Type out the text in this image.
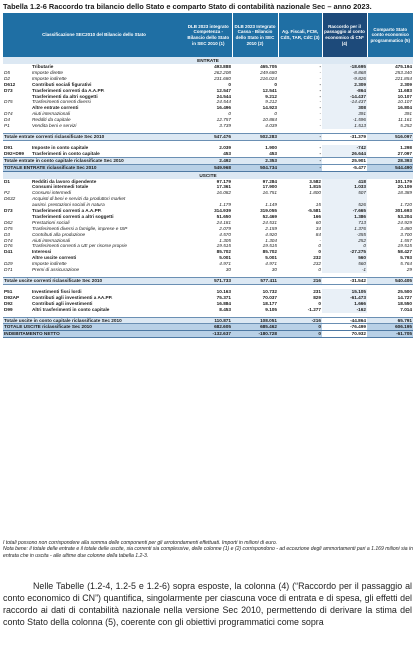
Tabella 1.2-6 Raccordo tra bilancio dello Stato e comparto Stato di contabilità nazionale Sec – anno 2023.
Classificazione SEC2010 del Bilancio dello Stato		DLB 2023 integrato Competenza - Bilancio dello Stato in SEC 2010 (1)	DLB 2023 Integrato Cassa - Bilancio dello Stato in SEC 2010 (2)	Ag. Fiscali, FCM, CdS, TAR, CdC (3)	Raccordo per il passaggio al conto economico di CN* (4)	Comparto Stato conto economico programmatico (5)
ENTRATE						
	Tributarie	493.888	465.705	-	-18.695	475.194
D5	Imposte dirette	262.208	249.680	-	-8.868	253.340
D2	Imposte indirette	231.680	216.024	-	-9.826	221.854
D612	Contributi sociali figurativi	0	0	-	2.309	2.309
D73	Trasferimenti correnti da A.A.PP.	12.547	12.541	-	-864	11.683
	Trasferimenti da altri soggetti	24.544	9.212	-	-14.437	10.107
D75	Trasferimenti correnti diversi	24.544	9.212	-	-14.437	10.107
	Altre entrate correnti	16.496	14.923	-	308	16.804
D74	Aiuti internazionali	0	0	-	391	391
D4	Redditi da capitale	12.757	10.884	-	-1.596	11.161
P1	Vendita beni e servizi	3.739	4.039	-	1.513	5.252

Totale entrate correnti riclassificate Sec 2010		547.476	502.283	-	-31.379	516.097

D91	Imposte in conto capitale	2.039	1.900	-	-742	1.298
D92+D99	Trasferimenti in conto capitale	453	453	-	26.644	27.097
Totale entrate in conto capitale riclassificate Sec 2010		2.492	2.353	-	25.901	28.393
TOTALE ENTRATE riclassificate Sec 2010		549.968	504.734	-	-5.477	544.490
USCITE						
D1	Redditi da lavoro dipendente	97.179	97.284	3.582	418	101.179
	Consumi intermedi totale	17.361	17.900	1.815	1.033	20.109
P2	Consumi intermedi	16.082	16.751	1.800	507	18.389
D632	Acquisti di beni e servizi da produttori market					
	ausimi. prestazioni sociali in natura	1.179	1.149	15	526	1.720
D73	Trasferimenti correnti a A.A.PP.	314.939	319.055	-5.581	-7.665	301.693
	Trasferimenti correnti a altri soggetti	51.650	52.469	166	1.386	53.204
D62	Prestazioni sociali	24.181	24.531	60	713	24.929
D75	Trasferimenti diversi a famiglie, imprese e ISP	2.079	2.159	34	1.376	3.480
D3	Contributi alla produzione	4.570	4.920	84	-355	3.700
D74	Aiuti internazionali	1.305	1.304	-	252	1.557
D76	Trasferimenti correnti a UE per risorse proprie	19.515	19.515	0	0	19.515
D41	Interessi	85.702	85.702	0	-27.275	58.427
	Altre uscite correnti	5.001	5.001	232	560	5.793
D29	Imposte indirette	4.971	4.971	232	560	5.764
D71	Premi di assicurazione	30	30	0	-1	29

Totale uscite correnti riclassificate Sec 2010		571.733	577.411	216	-31.542	540.405

P51	Investimenti fissi lordi	10.163	10.732	231	15.105	25.500
D92AP	Contributi agli investimenti a AA.PP.	75.371	70.037	829	-61.473	14.727
D92	Contributi agli investimenti	16.884	18.177	0	1.666	18.550
D99	Altri trasferimenti in conto capitale	8.453	9.105	-1.277	-162	7.014

Totale uscite in conto capitale riclassificate Sec 2010		110.871	108.051	-216	-44.864	65.791
TOTALE USCITE riclassificate Sec 2010		682.605	685.462	0	-76.499	606.195
INDEBITAMENTO NETTO		-132.637	-180.728	0	70.932	-61.705

I totali possono non corrispondere alla somma delle componenti per gli arrotondamenti effettuati. Importi in milioni di euro.

Nota bene: il totale delle entrate e il totale delle uscite, sia correnti sia complessive, delle colonne (1) e (2) corrispondono - ad eccezione degli ammortamenti pari a 1.169 milioni sia in entrata che in uscita - alle ultime due colonne della tabella 1.2-3.

Nelle Tabelle (1.2-4, 1.2-5 e 1.2-6) sopra esposte, la colonna (4) (“Raccordo per il passaggio al conto economico di CN”) quantifica, singolarmente per ciascuna voce di entrata e di spesa, gli effetti del raccordo ai dati di contabilità nazionale nella versione Sec 2010, permettendo di derivare la stima del conto Stato della colonna (5), coerente con gli obiettivi programmatici come sopra
